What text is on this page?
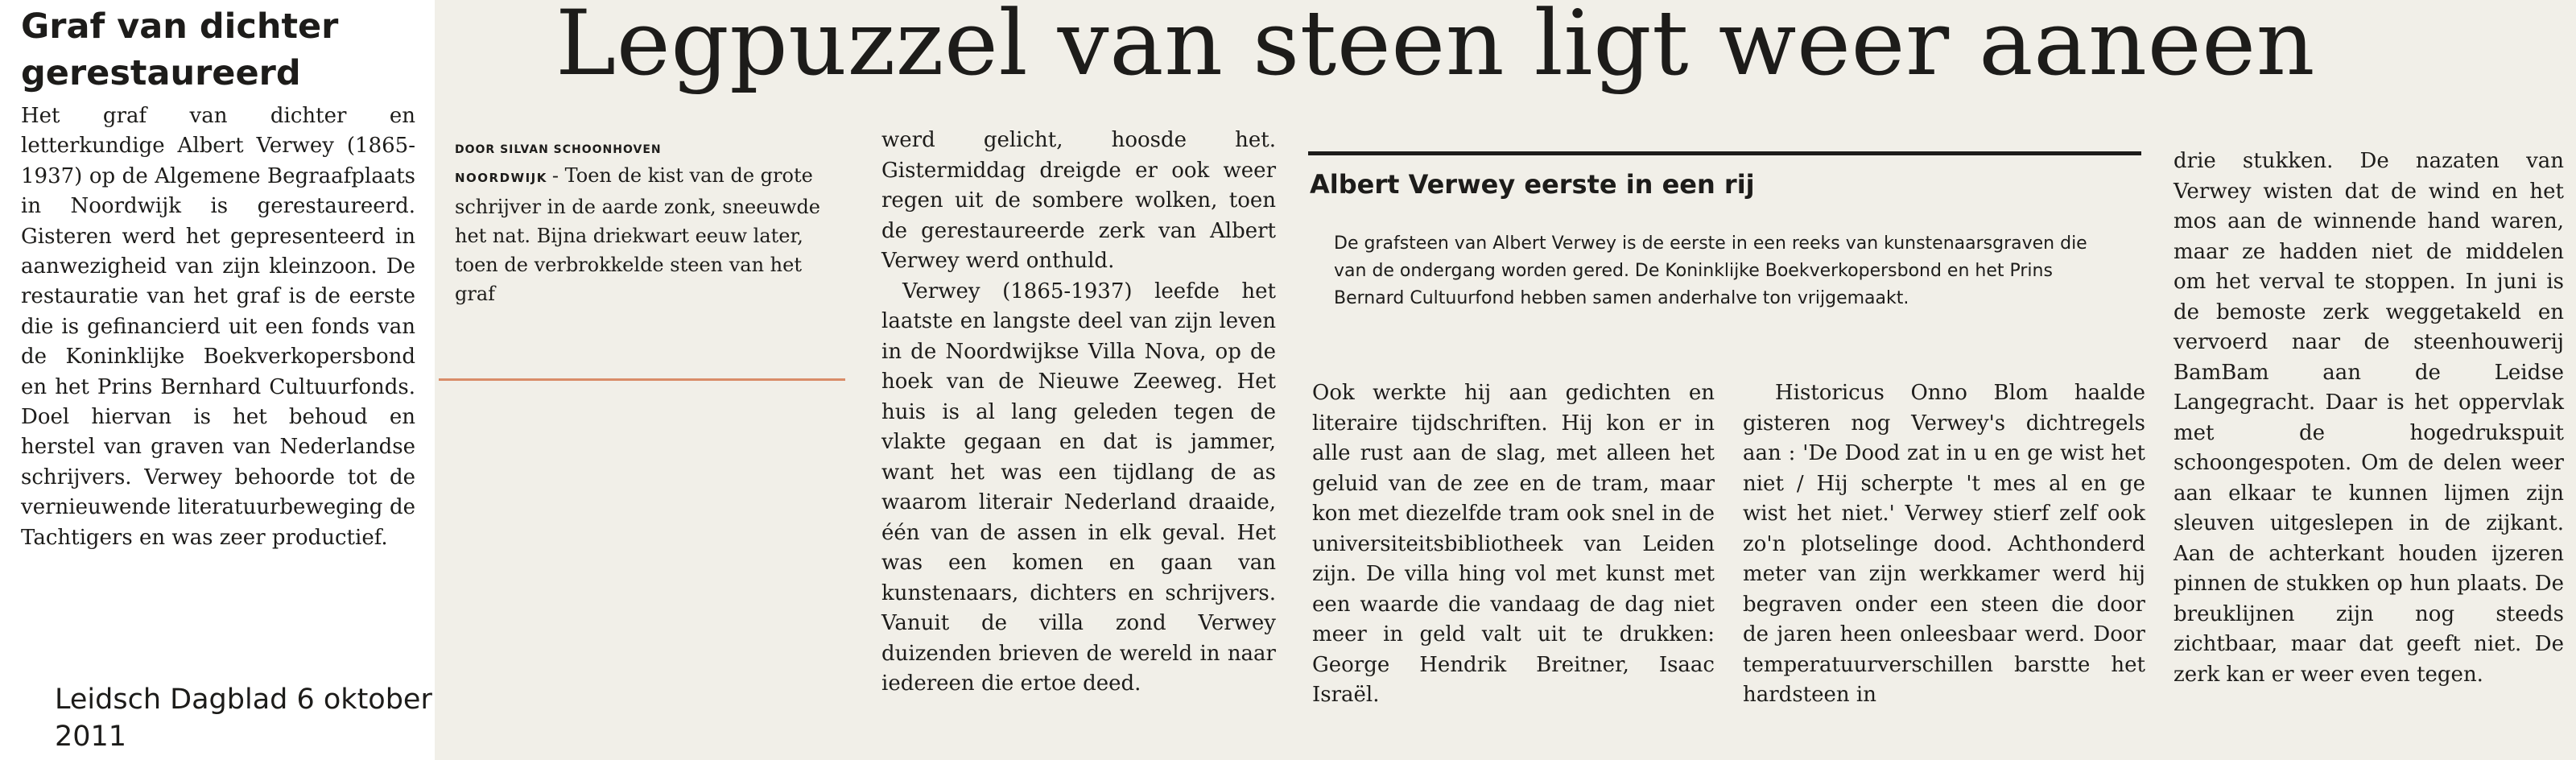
Graf van dichter gerestaureerd

Het graf van dichter en letterkundige Albert Verwey (1865-1937) op de Algemene Begraafplaats in Noordwijk is gerestaureerd. Gisteren werd het gepresenteerd in aanwezigheid van zijn kleinzoon. De restauratie van het graf is de eerste die is gefinancierd uit een fonds van de Koninklijke Boekverkopersbond en het Prins Bernhard Cultuurfonds. Doel hiervan is het behoud en herstel van graven van Nederlandse schrijvers. Verwey behoorde tot de vernieuwende literatuurbeweging de Tachtigers en was zeer productief.

Leidsch Dagblad 6 oktober 2011
Legpuzzel van steen ligt weer aaneen
DOOR SILVAN SCHOONHOVEN

NOORDWIJK - Toen de kist van de grote schrijver in de aarde zonk, sneeuwde het nat. Bijna driekwart eeuw later, toen de verbrokkelde steen van het graf

werd gelicht, hoosde het. Gistermiddag dreigde er ook weer regen uit de sombere wolken, toen de gerestaureerde zerk van Albert Verwey werd onthuld.

Verwey (1865-1937) leefde het laatste en langste deel van zijn leven in de Noordwijkse Villa Nova, op de hoek van de Nieuwe Zeeweg. Het huis is al lang geleden tegen de vlakte gegaan en dat is jammer, want het was een tijdlang de as waarom literair Nederland draaide, één van de assen in elk geval. Het was een komen en gaan van kunstenaars, dichters en schrijvers. Vanuit de villa zond Verwey duizenden brieven de wereld in naar iedereen die ertoe deed.

Albert Verwey eerste in een rij

De grafsteen van Albert Verwey is de eerste in een reeks van kunstenaarsgraven die van de ondergang worden gered. De Koninklijke Boekverkopersbond en het Prins Bernard Cultuurfond hebben samen anderhalve ton vrijgemaakt.

Ook werkte hij aan gedichten en literaire tijdschriften. Hij kon er in alle rust aan de slag, met alleen het geluid van de zee en de tram, maar kon met diezelfde tram ook snel in de universiteitsbibliotheek van Leiden zijn. De villa hing vol met kunst met een waarde die vandaag de dag niet meer in geld valt uit te drukken: George Hendrik Breitner, Isaac Israël.

Historicus Onno Blom haalde gisteren nog Verwey's dichtregels aan : 'De Dood zat in u en ge wist het niet / Hij scherpte 't mes al en ge wist het niet.' Verwey stierf zelf ook zo'n plotselinge dood. Achthonderd meter van zijn werkkamer werd hij begraven onder een steen die door de jaren heen onleesbaar werd. Door temperatuurverschillen barstte het hardsteen in

drie stukken. De nazaten van Verwey wisten dat de wind en het mos aan de winnende hand waren, maar ze hadden niet de middelen om het verval te stoppen. In juni is de bemoste zerk weggetakeld en vervoerd naar de steenhouwerij BamBam aan de Leidse Langegracht. Daar is het oppervlak met de hogedrukspuit schoongespoten. Om de delen weer aan elkaar te kunnen lijmen zijn sleuven uitgeslepen in de zijkant. Aan de achterkant houden ijzeren pinnen de stukken op hun plaats. De breuklijnen zijn nog steeds zichtbaar, maar dat geeft niet. De zerk kan er weer even tegen.
